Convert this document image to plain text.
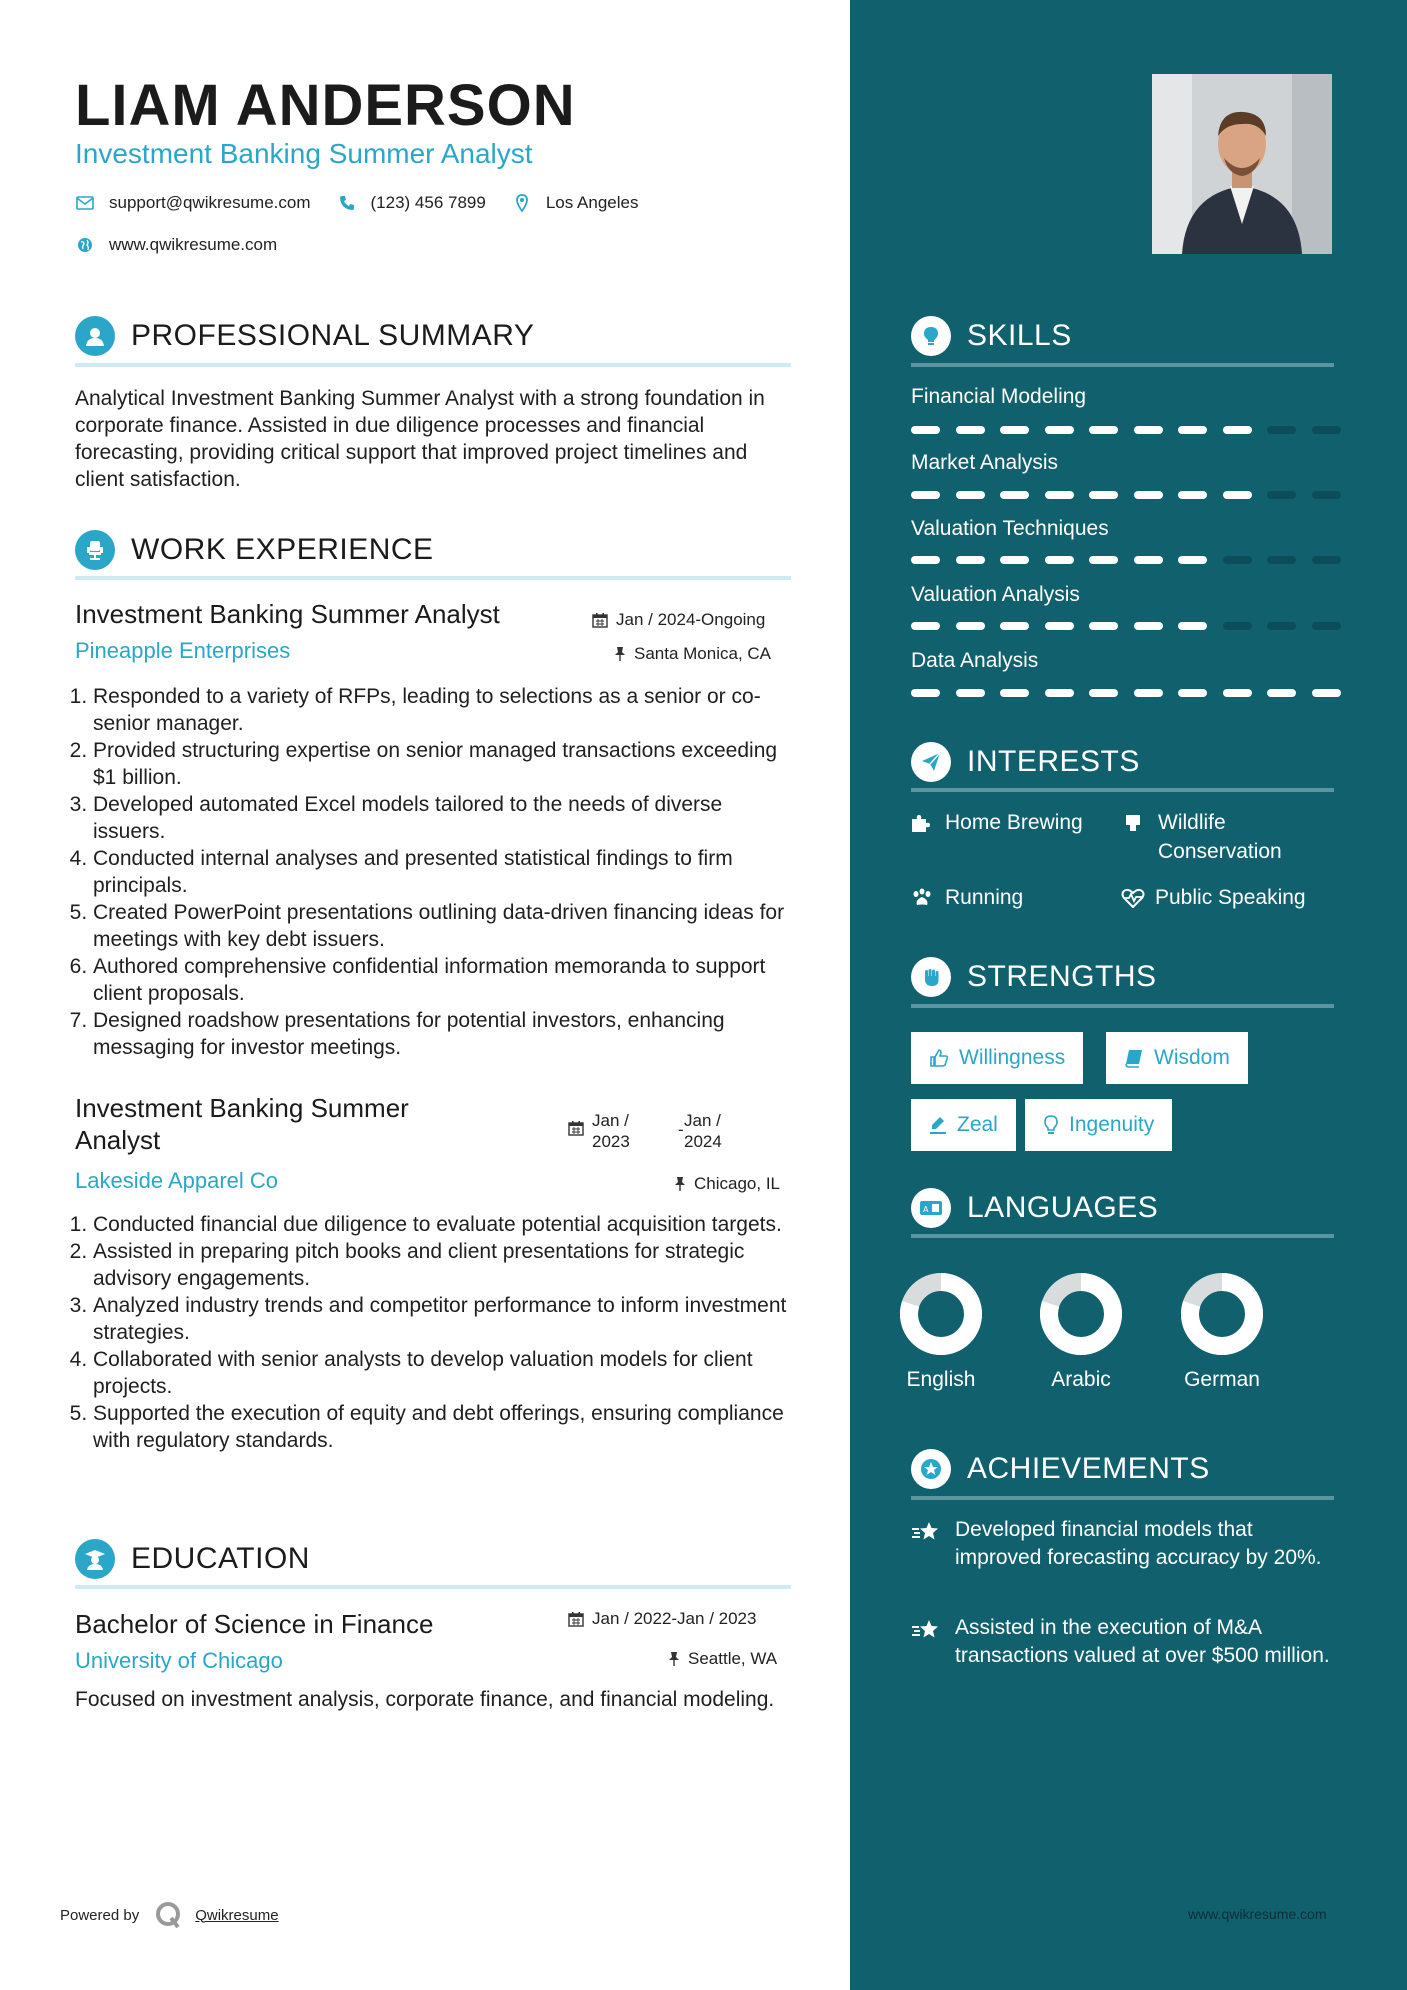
LIAM ANDERSON
Investment Banking Summer Analyst
support@qwikresume.com	(123) 456 7899	Los Angeles
www.qwikresume.com
PROFESSIONAL SUMMARY
Analytical Investment Banking Summer Analyst with a strong foundation in corporate finance. Assisted in due diligence processes and financial forecasting, providing critical support that improved project timelines and client satisfaction.
WORK EXPERIENCE
Investment Banking Summer Analyst	Jan / 2024-Ongoing
Pineapple Enterprises	Santa Monica, CA
1. Responded to a variety of RFPs, leading to selections as a senior or co-senior manager.
2. Provided structuring expertise on senior managed transactions exceeding $1 billion.
3. Developed automated Excel models tailored to the needs of diverse issuers.
4. Conducted internal analyses and presented statistical findings to firm principals.
5. Created PowerPoint presentations outlining data-driven financing ideas for meetings with key debt issuers.
6. Authored comprehensive confidential information memoranda to support client proposals.
7. Designed roadshow presentations for potential investors, enhancing messaging for investor meetings.
Investment Banking Summer Analyst
Jan / 2023
- Jan / 2024
Lakeside Apparel Co	Chicago, IL
1. Conducted financial due diligence to evaluate potential acquisition targets.
2. Assisted in preparing pitch books and client presentations for strategic advisory engagements.
3. Analyzed industry trends and competitor performance to inform investment strategies.
4. Collaborated with senior analysts to develop valuation models for client projects.
5. Supported the execution of equity and debt offerings, ensuring compliance with regulatory standards.
EDUCATION
Bachelor of Science in Finance	Jan / 2022-Jan / 2023
University of Chicago	Seattle, WA
Focused on investment analysis, corporate finance, and financial modeling.
Powered by	Qwikresume
SKILLS
Financial Modeling
Market Analysis
Valuation Techniques
Valuation Analysis
Data Analysis
INTERESTS
Home Brewing	Wildlife Conservation
Running	Public Speaking
STRENGTHS
Willingness	Wisdom
Zeal	Ingenuity
A LANGUAGES
English	Arabic	German
ACHIEVEMENTS
Developed financial models that improved forecasting accuracy by 20%.
Assisted in the execution of M&A transactions valued at over $500 million.
www.qwikresume.com
